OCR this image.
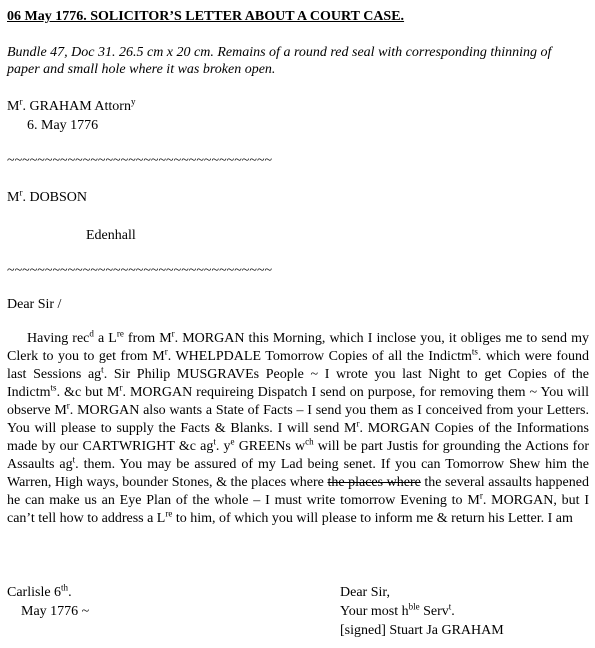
06 May 1776. SOLICITOR’S LETTER ABOUT A COURT CASE.
Bundle 47, Doc 31. 26.5 cm x 20 cm. Remains of a round red seal with corresponding thinning of paper and small hole where it was broken open.
$M^r$. GRAHAM Attorn$^y$
6. May 1776
~~~~~~~~~~~~~~~~~~~~~~~~~~~~~~~~~~~
$M^r$. DOBSON
Edenhall
~~~~~~~~~~~~~~~~~~~~~~~~~~~~~~~~~~~
Dear Sir /
Having rec$^d$ a Lre from $M^r$. MORGAN this Morning, which I inclose you, it obliges me to send my Clerk to you to get from $M^r$. WHELPDALE Tomorrow Copies of all the Indictm$^{ts}$. which were found last Sessions $ag^t$. Sir Philip MUSGRAVEs People ~ I wrote you last Night to get Copies of the Indictm$^{ts}$. &c but $M^r$. MORGAN requireing Dispatch I send on purpose, for removing them ~ You will observe $M^r$. MORGAN also wants a State of Facts – I send you them as I conceived from your Letters. You will please to supply the Facts & Blanks. I will send $M^r$. MORGAN Copies of the Informations made by our CARTWRIGHT &c $ag^t$. $y^e$ GREENs $w^{ch}$ will be part Justis for grounding the Actions for Assaults $ag^t$. them. You may be assured of my Lad being senet. If you can Tomorrow Shew him the Warren, High ways, bounder Stones, & the places where the places where the several assaults happened he can make us an Eye Plan of the whole – I must write tomorrow Evening to $M^r$. MORGAN, but I can’t tell how to address a Lre to him, of which you will please to inform me & return his Letter. I am
Carlisle 6th.
May 1776 ~
Dear Sir,
Your most $h^{ble}$ Serv$^t$.
[signed] Stuart Ja GRAHAM
